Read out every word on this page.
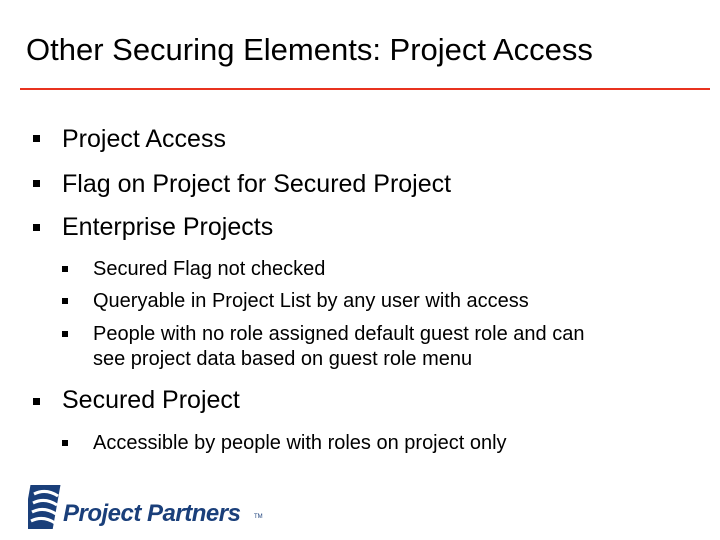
Other Securing Elements: Project Access
Project Access
Flag on Project for Secured Project
Enterprise Projects
Secured Flag not checked
Queryable in Project List by any user with access
People with no role assigned default guest role and can
see project data based on guest role menu
Secured Project
Accessible by people with roles on project only
Project Partners TM
